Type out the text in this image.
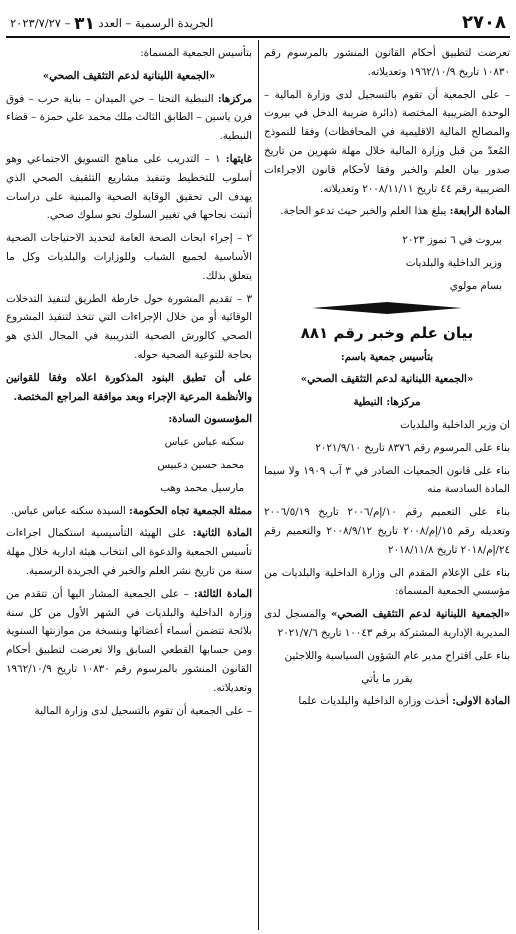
٢٧٠٨
الجريدة الرسمية – العدد ٣١ – ٢٠٢٣/٧/٢٧

تعرضت لتطبيق أحكام القانون المنشور بالمرسوم رقم ١٠٨٣٠ تاريخ ١٩٦٢/١٠/٩ وتعديلاته.

– على الجمعية أن تقوم بالتسجيل لدى وزارة المالية – الوحدة الضريبية المختصة (دائرة ضريبة الدخل في بيروت والمصالح المالية الاقليمية في المحافظات) وفقا للنموذج المُعدّ من قبل وزارة المالية خلال مهلة شهرين من تاريخ صدور بيان العلم والخبر وفقا لأحكام قانون الاجراءات الضريبية رقم ٤٤ تاريخ ٢٠٠٨/١١/١١ وتعديلاته.

المادة الرابعة: يبلغ هذا العلم والخبر حيث تدعو الحاجة.

بيروت في ٦ تموز ٢٠٢٣

وزير الداخلية والبلديات

بسام مولوي

بيان علم وخبر رقم ٨٨١

بتأسيس جمعية باسم:

«الجمعية اللبنانية لدعم التثقيف الصحي»

مركزها: النبطية

ان وزير الداخلية والبلديات

بناء على المرسوم رقم ٨٣٧٦ تاريخ ٢٠٢١/٩/١٠

بناء على قانون الجمعيات الصادر في ٣ آب ١٩٠٩ ولا سيما المادة السادسة منه

بناء على التعميم رقم ١٠/إم/٢٠٠٦ تاريخ ٢٠٠٦/٥/١٩ وتعديله رقم ١٥/إم/٢٠٠٨ تاريخ ٢٠٠٨/٩/١٢ والتعميم رقم ٢٤/إم/٢٠١٨ تاريخ ٢٠١٨/١١/٨

بناء على الإعلام المقدم الى وزارة الداخلية والبلديات من مؤسسي الجمعية المسماة:

«الجمعية اللبنانية لدعم التثقيف الصحي» والمسجل لدى المديرية الإدارية المشتركة برقم ١٠٠٤٣ تاريخ ٢٠٢١/٧/٦

بناء على اقتراح مدير عام الشؤون السياسية واللاجئين

يقرر ما يأتي

المادة الاولى: أخذت وزارة الداخلية والبلديات علما

بتأسيس الجمعية المسماة:

«الجمعية اللبنانية لدعم التثقيف الصحي»

مركزها: النبطية التحتا – حي الميدان – بناية حرب – فوق فرن ياسين – الطابق الثالث ملك محمد علي حمزة – قضاء النبطية.

غايتها: ١ – التدريب على مناهج التسويق الاجتماعي وهو أسلوب للتخطيط وتنفيذ مشاريع التثقيف الصحي الذي يهدف الى تحقيق الوقاية الصحية والمبنية على دراسات أثبتت نجاحها في تغيير السلوك نحو سلوك صحي.

٢ – إجراء ابحاث الصحة العامة لتحديد الاحتياجات الصحية الأساسية لجميع الشباب وللوزارات والبلديات وكل ما يتعلق بذلك.

٣ – تقديم المشورة حول خارطة الطريق لتنفيذ التدخلات الوقائية أو من خلال الإجراءات التي تتخذ لتنفيذ المشروع الصحي كالورش الصحية التدريبية في المجال الذي هو بحاجة للتوعية الصحية حوله.

على أن تطبق البنود المذكورة اعلاه وفقا للقوانين والأنظمة المرعية الإجراء وبعد موافقة المراجع المختصة.

المؤسسون السادة:

سكنه عباس عباس

محمد حسين دعبيس

مارسيل محمد وهب

ممثلة الجمعية تجاه الحكومة: السيدة سكنه عباس عباس.

المادة الثانية: على الهيئة التأسيسية استكمال اجراءات تأسيس الجمعية والدعوة الى انتخاب هيئة ادارية خلال مهلة سنة من تاريخ نشر العلم والخبر في الجريدة الرسمية.

المادة الثالثة: – على الجمعية المشار اليها أن تتقدم من وزارة الداخلية والبلديات في الشهر الأول من كل سنة بلائحة تتضمن أسماء أعضائها وبنسخة من موازنتها السنوية ومن حسابها القطعي السابق والا تعرضت لتطبيق أحكام القانون المنشور بالمرسوم رقم ١٠٨٣٠ تاريخ ١٩٦٢/١٠/٩ وتعديلاته.

– على الجمعية أن تقوم بالتسجيل لدى وزارة المالية
